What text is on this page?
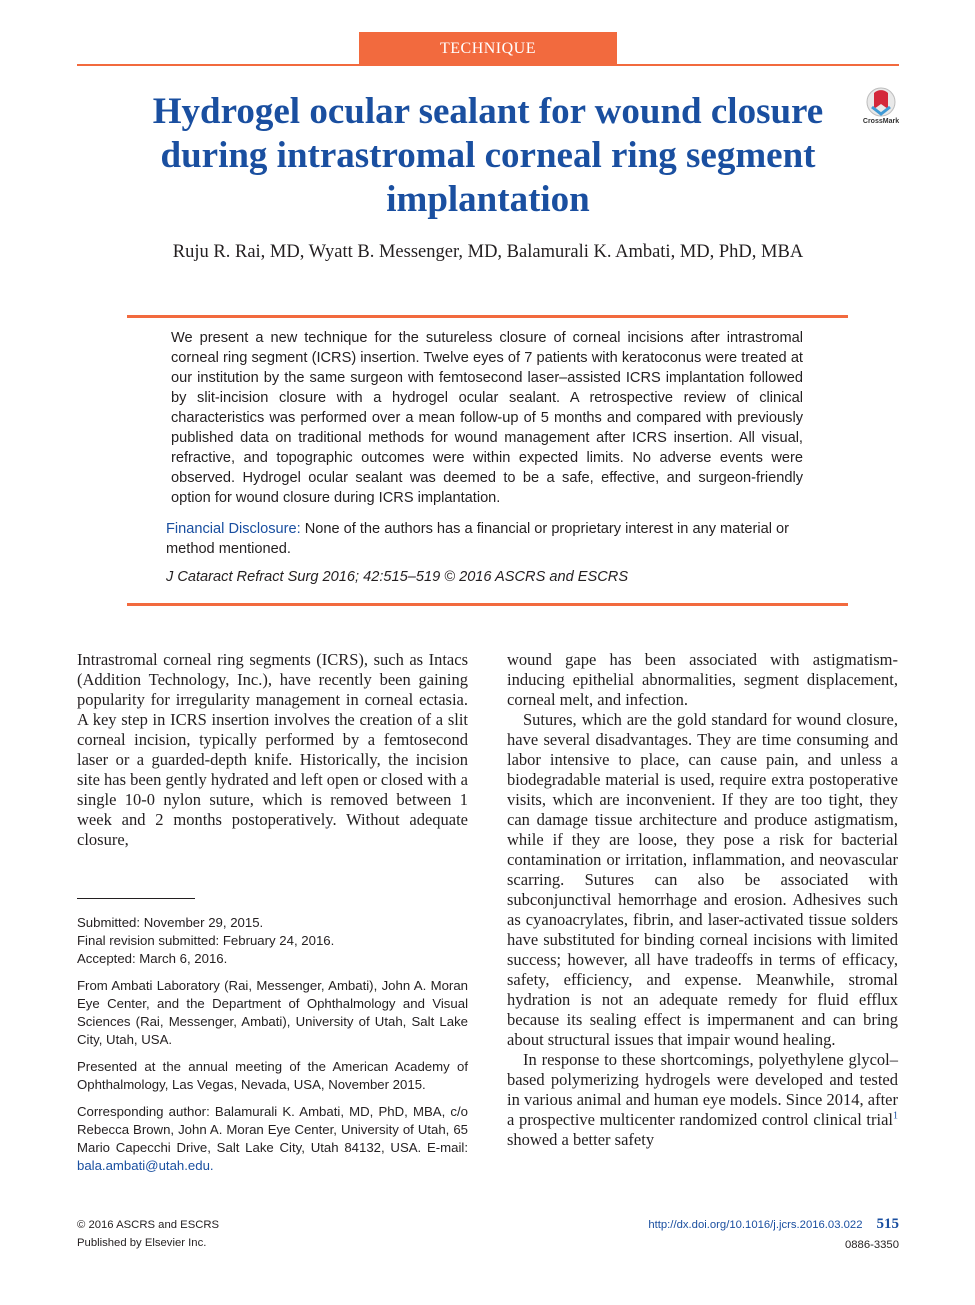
TECHNIQUE
CrossMark
Hydrogel ocular sealant for wound closure
during intrastromal corneal ring segment
implantation
Ruju R. Rai, MD, Wyatt B. Messenger, MD, Balamurali K. Ambati, MD, PhD, MBA
We present a new technique for the sutureless closure of corneal incisions after intrastromal corneal ring segment (ICRS) insertion. Twelve eyes of 7 patients with keratoconus were treated at our institution by the same surgeon with femtosecond laser–assisted ICRS implantation followed by slit-incision closure with a hydrogel ocular sealant. A retrospective review of clinical characteristics was performed over a mean follow-up of 5 months and compared with previously published data on traditional methods for wound management after ICRS insertion. All visual, refractive, and topographic outcomes were within expected limits. No adverse events were observed. Hydrogel ocular sealant was deemed to be a safe, effective, and surgeon-friendly option for wound closure during ICRS implantation.
Financial Disclosure: None of the authors has a financial or proprietary interest in any material or method mentioned.
J Cataract Refract Surg 2016; 42:515–519 © 2016 ASCRS and ESCRS

Intrastromal corneal ring segments (ICRS), such as Intacs (Addition Technology, Inc.), have recently been gaining popularity for irregularity management in corneal ectasia. A key step in ICRS insertion involves the creation of a slit corneal incision, typically performed by a femtosecond laser or a guarded-depth knife. Historically, the incision site has been gently hydrated and left open or closed with a single 10-0 nylon suture, which is removed between 1 week and 2 months postoperatively. Without adequate closure,

Submitted: November 29, 2015.
Final revision submitted: February 24, 2016.
Accepted: March 6, 2016.

From Ambati Laboratory (Rai, Messenger, Ambati), John A. Moran Eye Center, and the Department of Ophthalmology and Visual Sciences (Rai, Messenger, Ambati), University of Utah, Salt Lake City, Utah, USA.

Presented at the annual meeting of the American Academy of Ophthalmology, Las Vegas, Nevada, USA, November 2015.

Corresponding author: Balamurali K. Ambati, MD, PhD, MBA, c/o Rebecca Brown, John A. Moran Eye Center, University of Utah, 65 Mario Capecchi Drive, Salt Lake City, Utah 84132, USA. E-mail: bala.ambati@utah.edu.

wound gape has been associated with astigmatism-inducing epithelial abnormalities, segment displacement, corneal melt, and infection.

Sutures, which are the gold standard for wound closure, have several disadvantages. They are time consuming and labor intensive to place, can cause pain, and unless a biodegradable material is used, require extra postoperative visits, which are inconvenient. If they are too tight, they can damage tissue architecture and produce astigmatism, while if they are loose, they pose a risk for bacterial contamination or irritation, inflammation, and neovascular scarring. Sutures can also be associated with subconjunctival hemorrhage and erosion. Adhesives such as cyanoacrylates, fibrin, and laser-activated tissue solders have substituted for binding corneal incisions with limited success; however, all have tradeoffs in terms of efficacy, safety, efficiency, and expense. Meanwhile, stromal hydration is not an adequate remedy for fluid efflux because its sealing effect is impermanent and can bring about structural issues that impair wound healing.

In response to these shortcomings, polyethylene glycol–based polymerizing hydrogels were developed and tested in various animal and human eye models. Since 2014, after a prospective multicenter randomized control clinical trial$^1$ showed a better safety

© 2016 ASCRS and ESCRS
Published by Elsevier Inc.
http://dx.doi.org/10.1016/j.jcrs.2016.03.022 515
0886-3350
